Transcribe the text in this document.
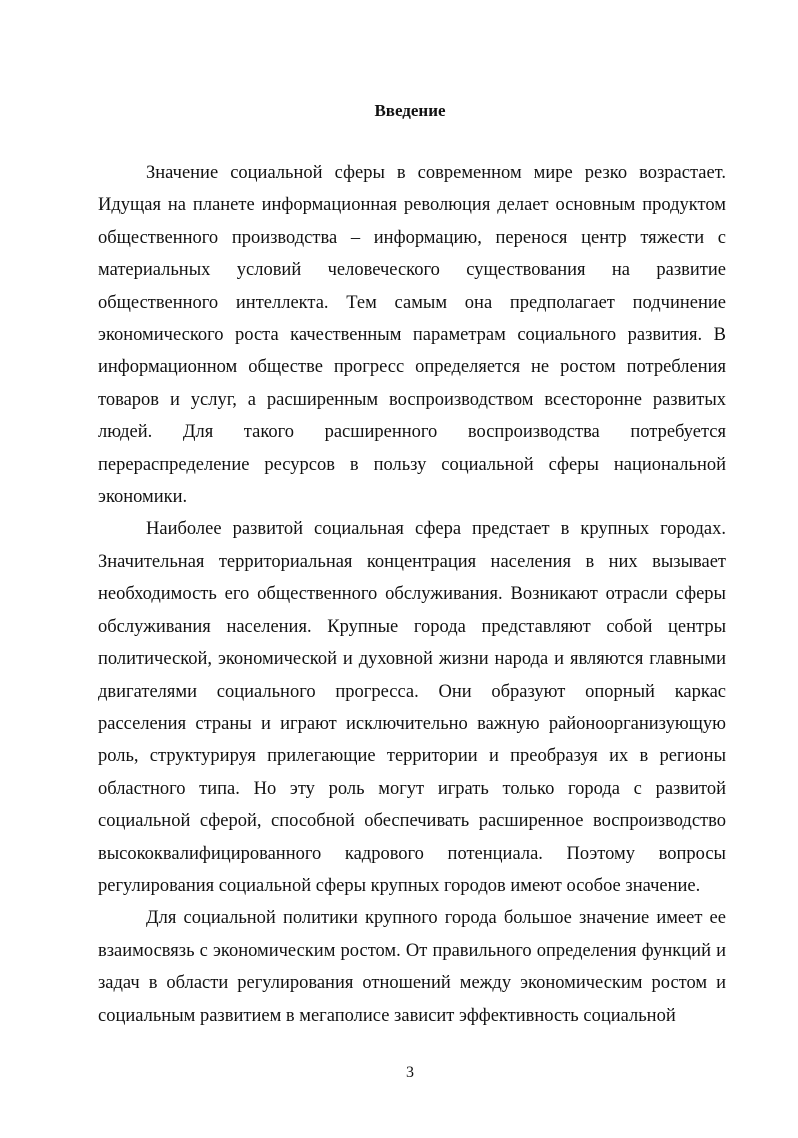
Введение

Значение социальной сферы в современном мире резко возрастает. Идущая на планете информационная революция делает основным продуктом общественного производства – информацию, перенося центр тяжести с материальных условий человеческого существования на развитие общественного интеллекта. Тем самым она предполагает подчинение экономического роста качественным параметрам социального развития. В информационном обществе прогресс определяется не ростом потребления товаров и услуг, а расширенным воспроизводством всесторонне развитых людей. Для такого расширенного воспроизводства потребуется перераспределение ресурсов в пользу социальной сферы национальной экономики.

Наиболее развитой социальная сфера предстает в крупных городах. Значительная территориальная концентрация населения в них вызывает необходимость его общественного обслуживания. Возникают отрасли сферы обслуживания населения. Крупные города представляют собой центры политической, экономической и духовной жизни народа и являются главными двигателями социального прогресса. Они образуют опорный каркас расселения страны и играют исключительно важную районоорганизующую роль, структурируя прилегающие территории и преобразуя их в регионы областного типа. Но эту роль могут играть только города с развитой социальной сферой, способной обеспечивать расширенное воспроизводство высококвалифицированного кадрового потенциала. Поэтому вопросы регулирования социальной сферы крупных городов имеют особое значение.

Для социальной политики крупного города большое значение имеет ее взаимосвязь с экономическим ростом. От правильного определения функций и задач в области регулирования отношений между экономическим ростом и социальным развитием в мегаполисе зависит эффективность социальной

3
